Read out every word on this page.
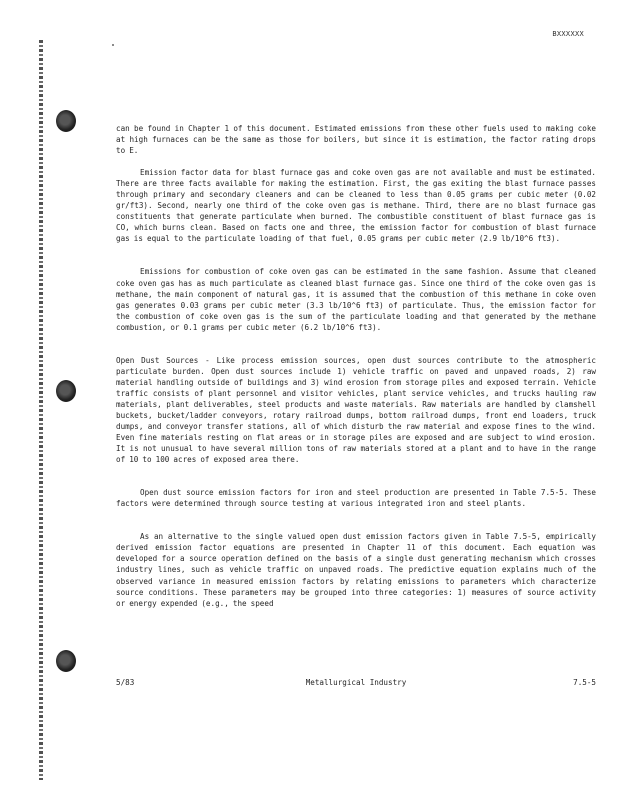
BXXXXXX

can be found in Chapter 1 of this document. Estimated emissions from these other fuels used to making coke at high furnaces can be the same as those for boilers, but since it is estimation, the factor rating drops to E.

Emission factor data for blast furnace gas and coke oven gas are not available and must be estimated. There are three facts available for making the estimation. First, the gas exiting the blast furnace passes through primary and secondary cleaners and can be cleaned to less than 0.05 grams per cubic meter (0.02 gr/ft3). Second, nearly one third of the coke oven gas is methane. Third, there are no blast furnace gas constituents that generate particulate when burned. The combustible constituent of blast furnace gas is CO, which burns clean. Based on facts one and three, the emission factor for combustion of blast furnace gas is equal to the particulate loading of that fuel, 0.05 grams per cubic meter (2.9 lb/10^6 ft3).

Emissions for combustion of coke oven gas can be estimated in the same fashion. Assume that cleaned coke oven gas has as much particulate as cleaned blast furnace gas. Since one third of the coke oven gas is methane, the main component of natural gas, it is assumed that the combustion of this methane in coke oven gas generates 0.03 grams per cubic meter (3.3 lb/10^6 ft3) of particulate. Thus, the emission factor for the combustion of coke oven gas is the sum of the particulate loading and that generated by the methane combustion, or 0.1 grams per cubic meter (6.2 lb/10^6 ft3).

Open Dust Sources - Like process emission sources, open dust sources contribute to the atmospheric particulate burden. Open dust sources include 1) vehicle traffic on paved and unpaved roads, 2) raw material handling outside of buildings and 3) wind erosion from storage piles and exposed terrain. Vehicle traffic consists of plant personnel and visitor vehicles, plant service vehicles, and trucks hauling raw materials, plant deliverables, steel products and waste materials. Raw materials are handled by clamshell buckets, bucket/ladder conveyors, rotary railroad dumps, bottom railroad dumps, front end loaders, truck dumps, and conveyor transfer stations, all of which disturb the raw material and expose fines to the wind. Even fine materials resting on flat areas or in storage piles are exposed and are subject to wind erosion. It is not unusual to have several million tons of raw materials stored at a plant and to have in the range of 10 to 100 acres of exposed area there.

Open dust source emission factors for iron and steel production are presented in Table 7.5-5. These factors were determined through source testing at various integrated iron and steel plants.

As an alternative to the single valued open dust emission factors given in Table 7.5-5, empirically derived emission factor equations are presented in Chapter 11 of this document. Each equation was developed for a source operation defined on the basis of a single dust generating mechanism which crosses industry lines, such as vehicle traffic on unpaved roads. The predictive equation explains much of the observed variance in measured emission factors by relating emissions to parameters which characterize source conditions. These parameters may be grouped into three categories: 1) measures of source activity or energy expended (e.g., the speed

5/83	Metallurgical Industry	7.5-5
